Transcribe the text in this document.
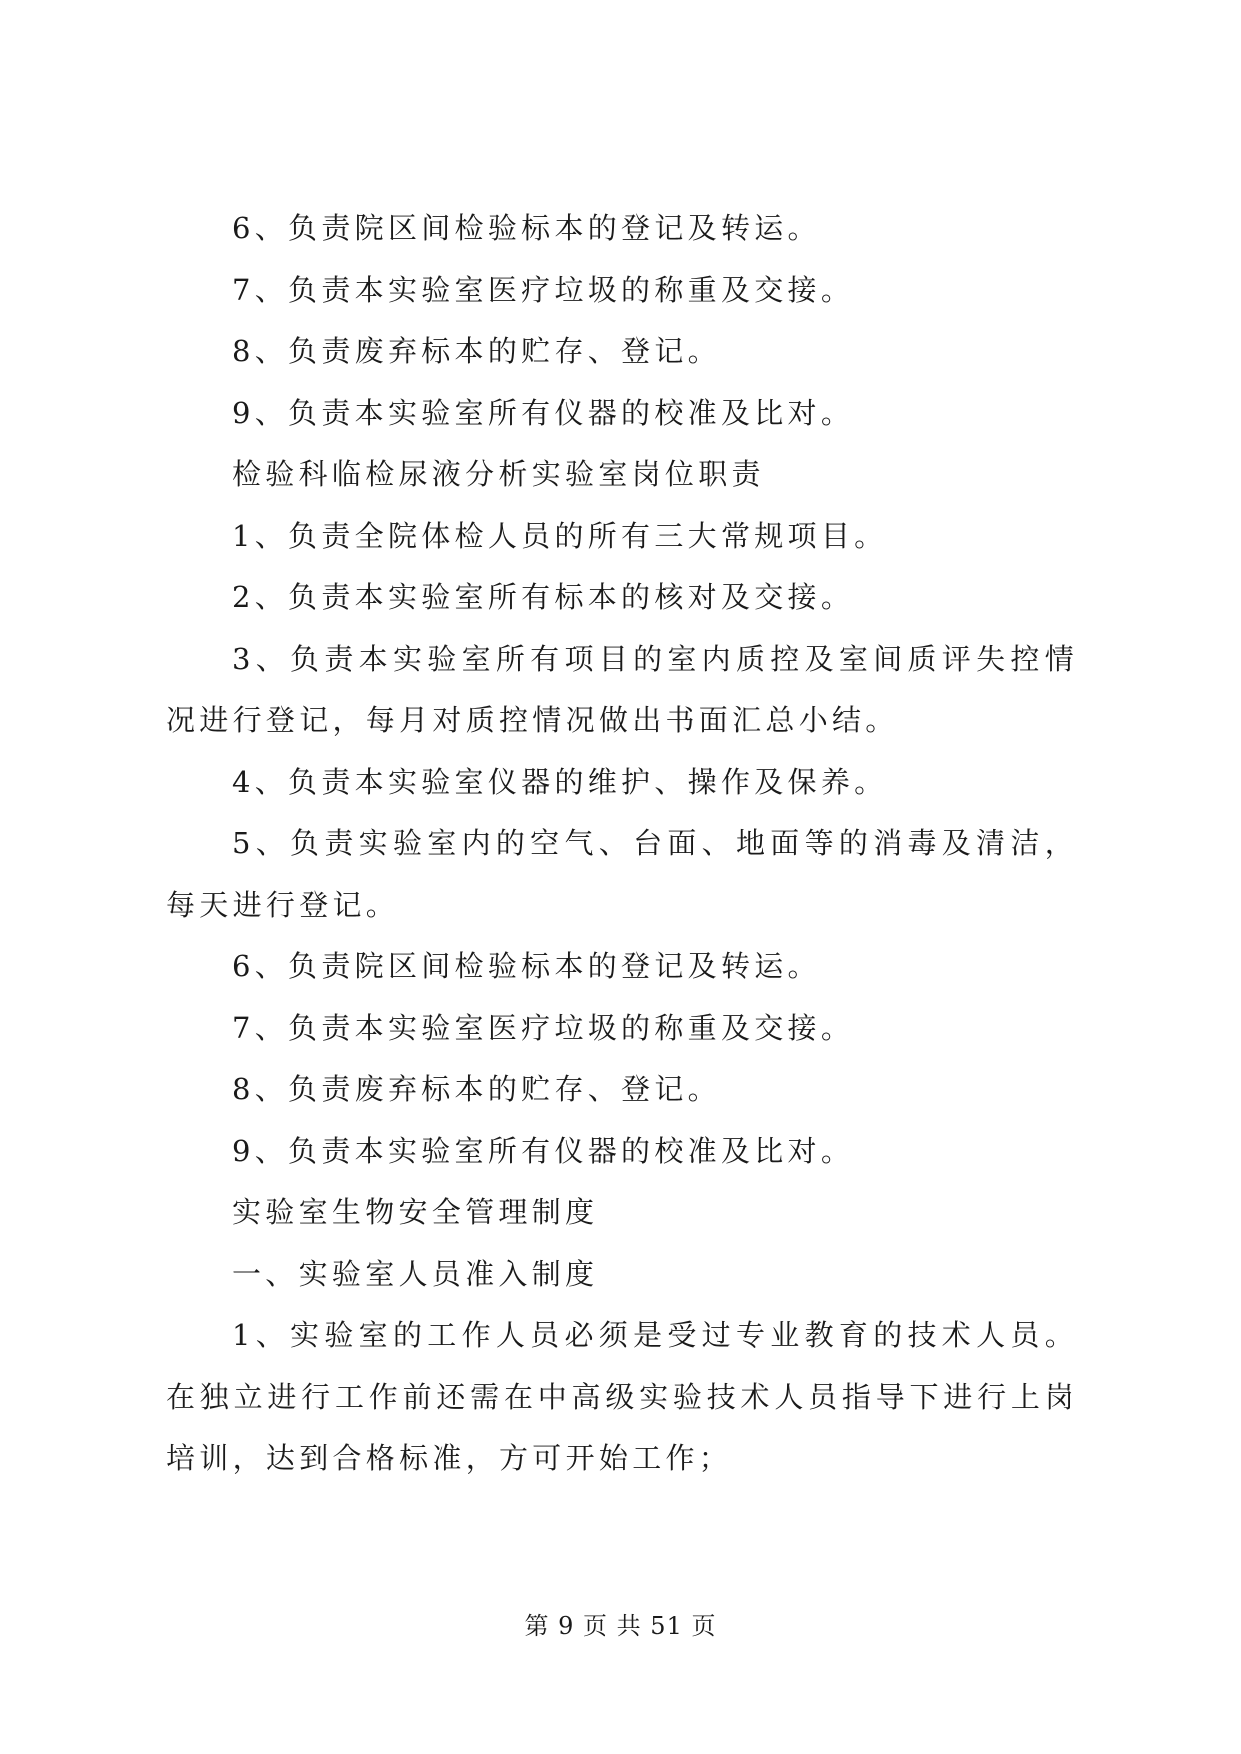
6、负责院区间检验标本的登记及转运。

7、负责本实验室医疗垃圾的称重及交接。

8、负责废弃标本的贮存、登记。

9、负责本实验室所有仪器的校准及比对。

检验科临检尿液分析实验室岗位职责

1、负责全院体检人员的所有三大常规项目。

2、负责本实验室所有标本的核对及交接。

3、负责本实验室所有项目的室内质控及室间质评失控情况进行登记，每月对质控情况做出书面汇总小结。

4、负责本实验室仪器的维护、操作及保养。

5、负责实验室内的空气、台面、地面等的消毒及清洁，每天进行登记。

6、负责院区间检验标本的登记及转运。

7、负责本实验室医疗垃圾的称重及交接。

8、负责废弃标本的贮存、登记。

9、负责本实验室所有仪器的校准及比对。

实验室生物安全管理制度

一、实验室人员准入制度

1、实验室的工作人员必须是受过专业教育的技术人员。在独立进行工作前还需在中高级实验技术人员指导下进行上岗培训，达到合格标准，方可开始工作；

第 9 页 共 51 页
